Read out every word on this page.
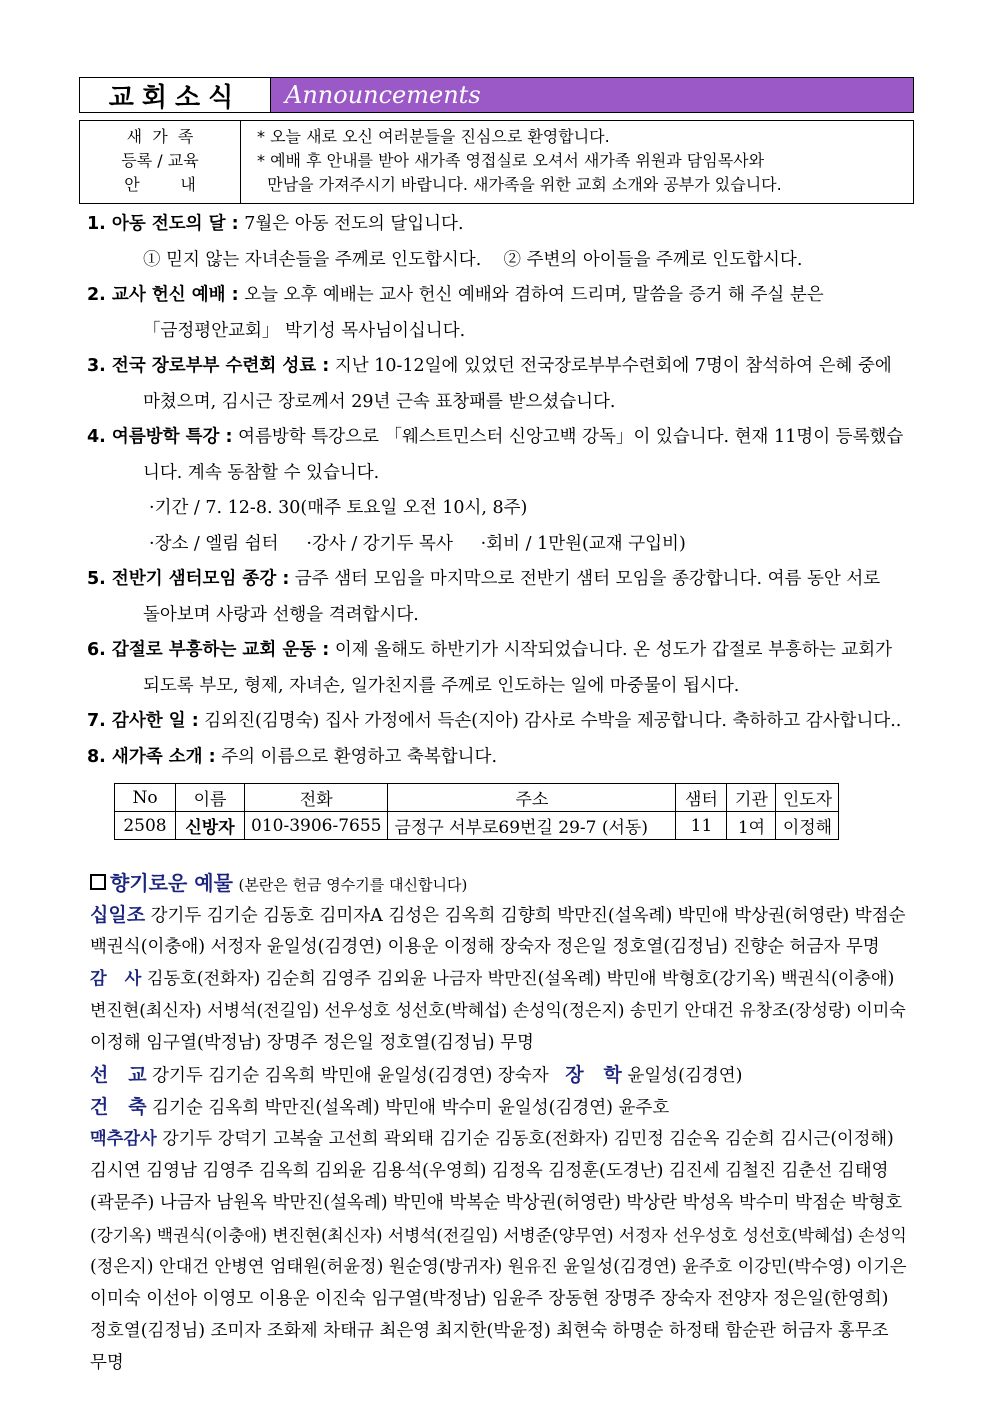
교회소식	Announcements
새  가  족
등록 / 교육
안        내
* 오늘 새로 오신 여러분들을 진심으로 환영합니다.
* 예배 후 안내를 받아 새가족 영접실로 오셔서 새가족 위원과 담임목사와
만남을 가져주시기 바랍니다. 새가족을 위한 교회 소개와 공부가 있습니다.
1. 아동 전도의 달 : 7월은 아동 전도의 달입니다.
① 믿지 않는 자녀손들을 주께로 인도합시다.    ② 주변의 아이들을 주께로 인도합시다.
2. 교사 헌신 예배 : 오늘 오후 예배는 교사 헌신 예배와 겸하여 드리며, 말씀을 증거 해 주실 분은
「금정평안교회」 박기성 목사님이십니다.
3. 전국 장로부부 수련회 성료 : 지난 10-12일에 있었던 전국장로부부수련회에 7명이 참석하여 은혜 중에
마쳤으며, 김시근 장로께서 29년 근속 표창패를 받으셨습니다.
4. 여름방학 특강 : 여름방학 특강으로 「웨스트민스터 신앙고백 강독」이 있습니다. 현재 11명이 등록했습
니다. 계속 동참할 수 있습니다.
·기간 / 7. 12-8. 30(매주 토요일 오전 10시, 8주)
·장소 / 엘림 쉼터     ·강사 / 강기두 목사     ·회비 / 1만원(교재 구입비)
5. 전반기 샘터모임 종강 : 금주 샘터 모임을 마지막으로 전반기 샘터 모임을 종강합니다. 여름 동안 서로
돌아보며 사랑과 선행을 격려합시다.
6. 갑절로 부흥하는 교회 운동 : 이제 올해도 하반기가 시작되었습니다. 온 성도가 갑절로 부흥하는 교회가
되도록 부모, 형제, 자녀손, 일가친지를 주께로 인도하는 일에 마중물이 됩시다.
7. 감사한 일 : 김외진(김명숙) 집사 가정에서 득손(지아) 감사로 수박을 제공합니다. 축하하고 감사합니다..
8. 새가족 소개 : 주의 이름으로 환영하고 축복합니다.
No	이름	전화	주소	샘터	기관	인도자
2508	신방자	010-3906-7655	금정구 서부로69번길 29-7 (서동)	11	1여	이정해
향기로운 예물 (본란은 헌금 영수기를 대신합니다)
십일조 강기두 김기순 김동호 김미자A 김성은 김옥희 김향희 박만진(설옥례) 박민애 박상권(허영란) 박점순
백권식(이충애) 서정자 윤일성(김경연) 이용운 이정해 장숙자 정은일 정호열(김정님) 진향순 허금자 무명
감   사 김동호(전화자) 김순희 김영주 김외윤 나금자 박만진(설옥례) 박민애 박형호(강기옥) 백권식(이충애)
변진현(최신자) 서병석(전길임) 선우성호 성선호(박혜섭) 손성익(정은지) 송민기 안대건 유창조(장성랑) 이미숙
이정해 임구열(박정남) 장명주 정은일 정호열(김정님) 무명
선   교 강기두 김기순 김옥희 박민애 윤일성(김경연) 장숙자   장   학 윤일성(김경연)
건   축 김기순 김옥희 박만진(설옥례) 박민애 박수미 윤일성(김경연) 윤주호
맥추감사 강기두 강덕기 고복술 고선희 곽외태 김기순 김동호(전화자) 김민정 김순옥 김순희 김시근(이정해)
김시연 김영남 김영주 김옥희 김외윤 김용석(우영희) 김정옥 김정훈(도경난) 김진세 김철진 김춘선 김태영
(곽문주) 나금자 남원옥 박만진(설옥례) 박민애 박복순 박상권(허영란) 박상란 박성옥 박수미 박점순 박형호
(강기옥) 백권식(이충애) 변진현(최신자) 서병석(전길임) 서병준(양무연) 서정자 선우성호 성선호(박혜섭) 손성익
(정은지) 안대건 안병연 엄태원(허윤정) 원순영(방귀자) 원유진 윤일성(김경연) 윤주호 이강민(박수영) 이기은
이미숙 이선아 이영모 이용운 이진숙 임구열(박정남) 임윤주 장동현 장명주 장숙자 전양자 정은일(한영희)
정호열(김정님) 조미자 조화제 차태규 최은영 최지한(박윤정) 최현숙 하명순 하정태 함순관 허금자 홍무조
무명
